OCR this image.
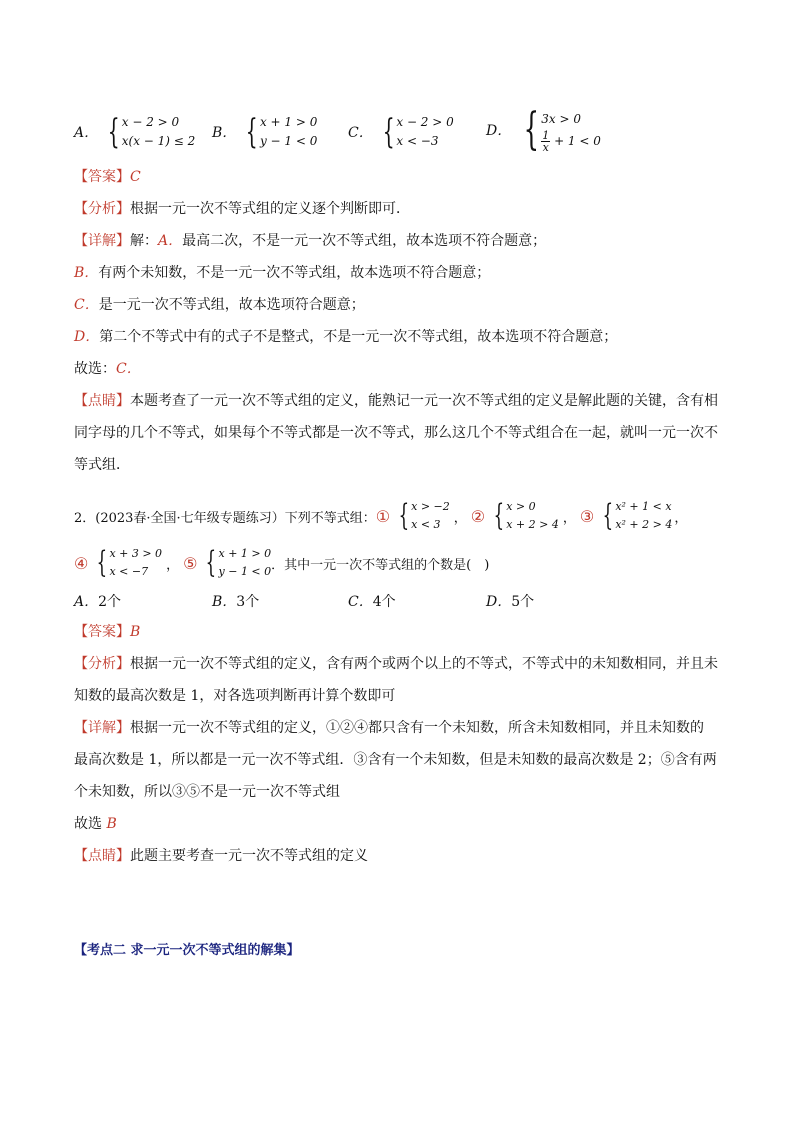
A． { x − 2 > 0
x(x − 1) ≤ 2 B． { x + 1 > 0
y − 1 < 0 C． { x − 2 > 0
x < −3
D． { 3x > 0
$\frac{1}{x} + 1 < 0$
【答案】C
【分析】根据一元一次不等式组的定义逐个判断即可．
【详解】解：A．最高二次，不是一元一次不等式组，故本选项不符合题意；
B．有两个未知数，不是一元一次不等式组，故本选项不符合题意；
C．是一元一次不等式组，故本选项符合题意；
D．第二个不等式中有的式子不是整式，不是一元一次不等式组，故本选项不符合题意；
故选：C．
【点睛】本题考查了一元一次不等式组的定义，能熟记一元一次不等式组的定义是解此题的关键，含有相
同字母的几个不等式，如果每个不等式都是一次不等式，那么这几个不等式组合在一起，就叫一元一次不
等式组．
2．(2023春·全国·七年级专题练习）下列不等式组： ① { x > −2
x < 3	， ② { x > 0
x + 2 > 4 ， ③ { x² + 1 < x
x² + 2 > 4 ，
④ { x + 3 > 0
x < −7	， ⑤ { x + 1 > 0
y − 1 < 0 ．其中一元一次不等式组的个数是(　)
A．2个	B．3个	C．4个	D．5个
【答案】B
【分析】根据一元一次不等式组的定义，含有两个或两个以上的不等式，不等式中的未知数相同，并且未
知数的最高次数是 1，对各选项判断再计算个数即可
【详解】根据一元一次不等式组的定义，①②④都只含有一个未知数，所含未知数相同，并且未知数的
最高次数是 1，所以都是一元一次不等式组．③含有一个未知数，但是未知数的最高次数是 2；⑤含有两
个未知数，所以③⑤不是一元一次不等式组
故选 B
【点睛】此题主要考查一元一次不等式组的定义
【考点二 求一元一次不等式组的解集】
